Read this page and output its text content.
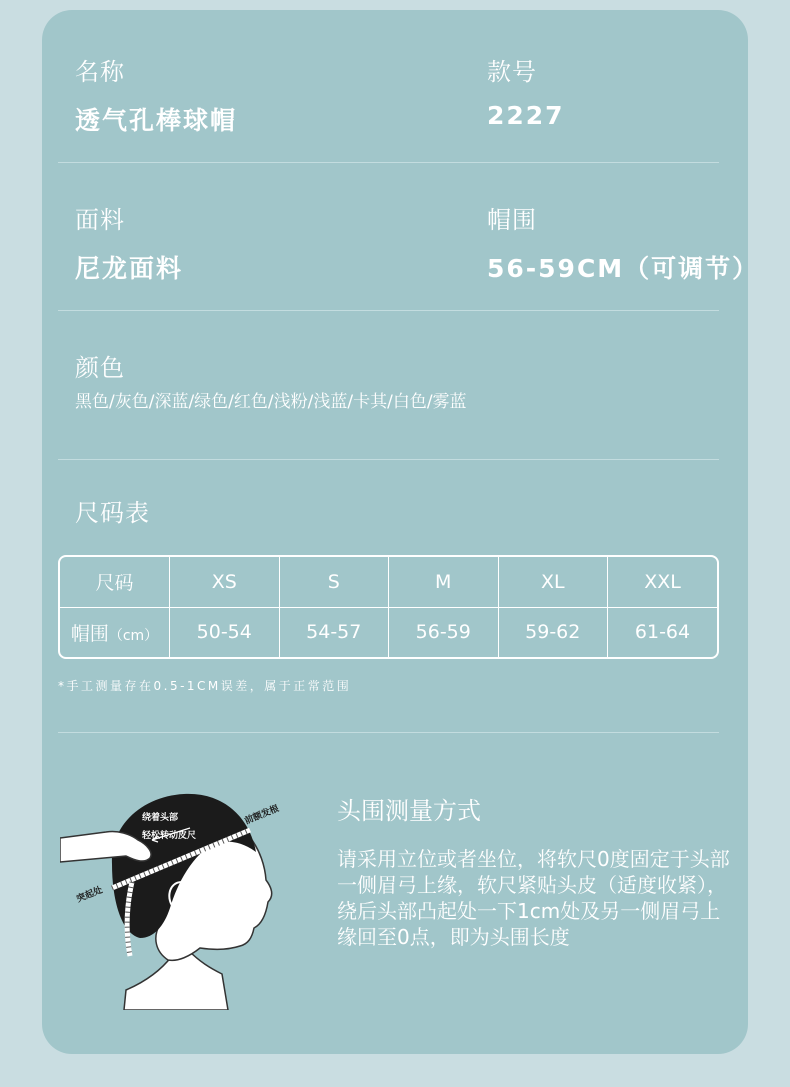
名称	款号
透气孔棒球帽	2227
面料	帽围
尼龙面料	56-59CM（可调节）
颜色
黑色/灰色/深蓝/绿色/红色/浅粉/浅蓝/卡其/白色/雾蓝
尺码表
尺码	XS	S	M	XL	XXL
帽围（cm）	50-54	54-57	56-59	59-62	61-64
*手工测量存在0.5-1CM误差，属于正常范围
绕着头部
轻松转动皮尺
前额发根
突起处
头围测量方式
请采用立位或者坐位，将软尺0度固定于头部一侧眉弓上缘，软尺紧贴头皮（适度收紧），绕后头部凸起处一下1cm处及另一侧眉弓上缘回至0点，即为头围长度
